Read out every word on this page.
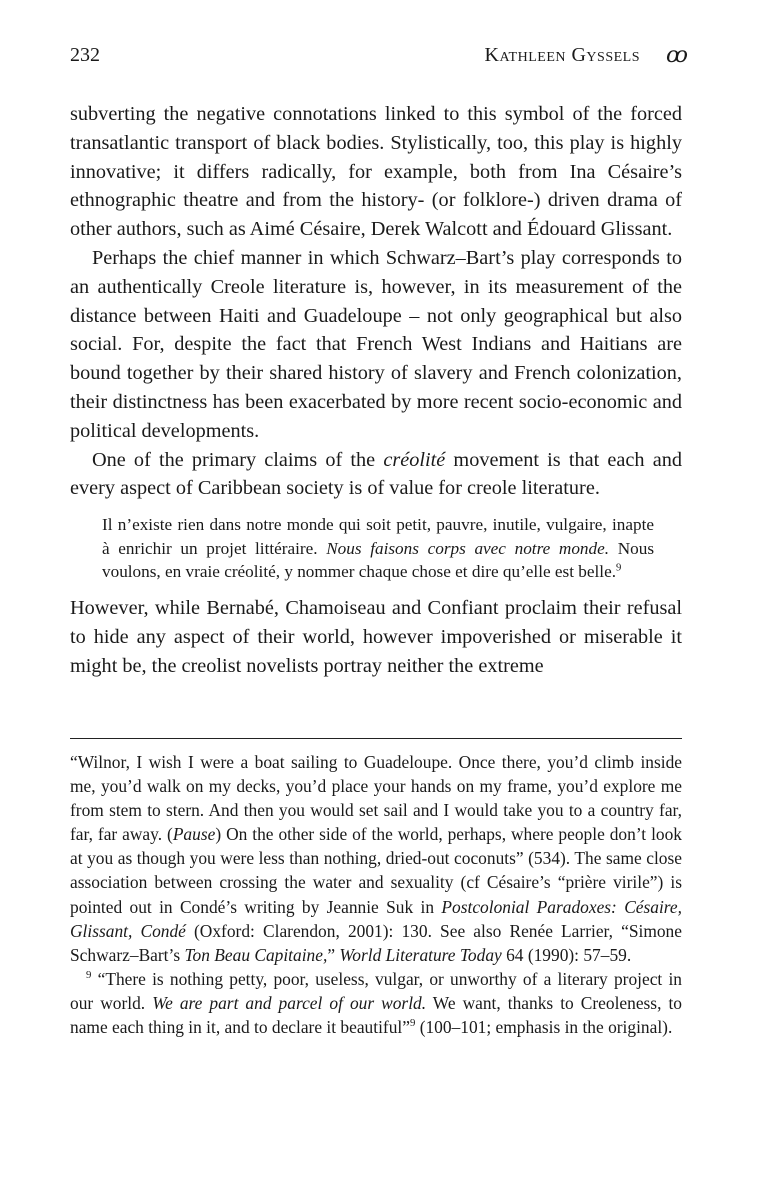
232	Kathleen Gyssels ꝏ

subverting the negative connotations linked to this symbol of the forced transatlantic transport of black bodies. Stylistically, too, this play is highly innovative; it differs radically, for example, both from Ina Césaire’s ethnographic theatre and from the history- (or folklore-) driven drama of other authors, such as Aimé Césaire, Derek Walcott and Édouard Glissant.

Perhaps the chief manner in which Schwarz–Bart’s play corresponds to an authentically Creole literature is, however, in its measurement of the distance between Haiti and Guadeloupe – not only geographical but also social. For, despite the fact that French West Indians and Haitians are bound together by their shared history of slavery and French colonization, their distinctness has been exacerbated by more recent socio-economic and political developments.

One of the primary claims of the créolité movement is that each and every aspect of Caribbean society is of value for creole literature.

Il n’existe rien dans notre monde qui soit petit, pauvre, inutile, vulgaire, inapte à enrichir un projet littéraire. Nous faisons corps avec notre monde. Nous voulons, en vraie créolité, y nommer chaque chose et dire qu’elle est belle.$^9$

However, while Bernabé, Chamoiseau and Confiant proclaim their refusal to hide any aspect of their world, however impoverished or miserable it might be, the creolist novelists portray neither the extreme

“Wilnor, I wish I were a boat sailing to Guadeloupe. Once there, you’d climb inside me, you’d walk on my decks, you’d place your hands on my frame, you’d explore me from stem to stern. And then you would set sail and I would take you to a country far, far, far away. (Pause) On the other side of the world, perhaps, where people don’t look at you as though you were less than nothing, dried-out coconuts” (534). The same close association between crossing the water and sexuality (cf Césaire’s “prière virile”) is pointed out in Condé’s writing by Jeannie Suk in Postcolonial Paradoxes: Césaire, Glissant, Condé (Oxford: Clarendon, 2001): 130. See also Renée Larrier, “Simone Schwarz–Bart’s Ton Beau Capitaine,” World Literature Today 64 (1990): 57–59.

$^9$ “There is nothing petty, poor, useless, vulgar, or unworthy of a literary project in our world. We are part and parcel of our world. We want, thanks to Creoleness, to name each thing in it, and to declare it beautiful”$^9$ (100–101; emphasis in the original).
